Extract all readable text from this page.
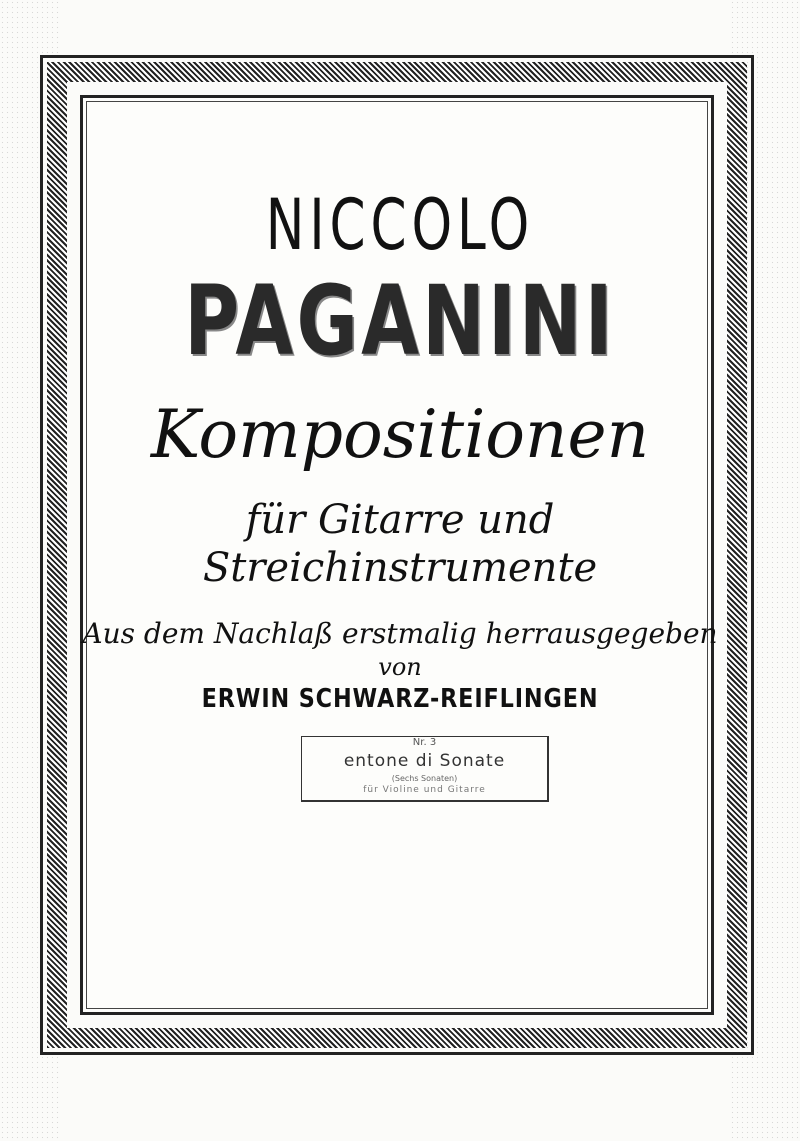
NICCOLO
PAGANINI
Kompositionen
für Gitarre und
Streichinstrumente
Aus dem Nachlaß erstmalig herrausgegeben
von
ERWIN SCHWARZ-REIFLINGEN
Nr. 3
entone di Sonate
(Sechs Sonaten)
für Violine und Gitarre
